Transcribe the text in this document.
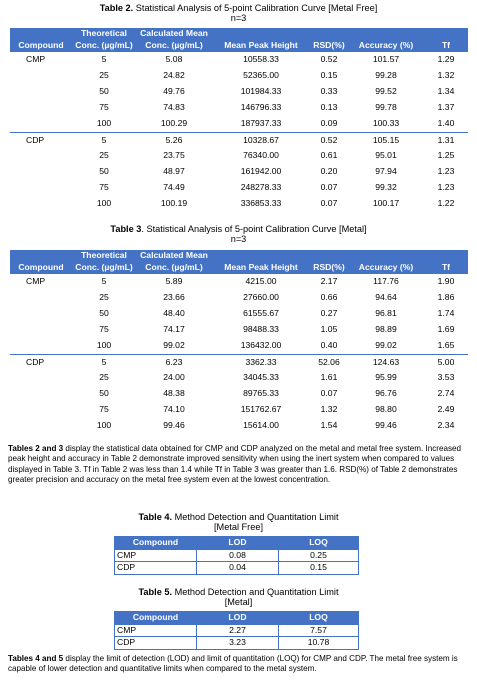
Table 2. Statistical Analysis of 5-point Calibration Curve [Metal Free]
n=3
	Theoretical	Calculated Mean				
Compound	Conc. (µg/mL)	Conc. (µg/mL)	Mean Peak Height	RSD(%)	Accuracy (%)	Tf
CMP	5	5.08	10558.33	0.52	101.57	1.29
	25	24.82	52365.00	0.15	99.28	1.32
	50	49.76	101984.33	0.33	99.52	1.34
	75	74.83	146796.33	0.13	99.78	1.37
	100	100.29	187937.33	0.09	100.33	1.40
CDP	5	5.26	10328.67	0.52	105.15	1.31
	25	23.75	76340.00	0.61	95.01	1.25
	50	48.97	161942.00	0.20	97.94	1.23
	75	74.49	248278.33	0.07	99.32	1.23
	100	100.19	336853.33	0.07	100.17	1.22
Table 3. Statistical Analysis of 5-point Calibration Curve [Metal]
n=3
	Theoretical	Calculated Mean				
Compound	Conc. (µg/mL)	Conc. (µg/mL)	Mean Peak Height	RSD(%)	Accuracy (%)	Tf
CMP	5	5.89	4215.00	2.17	117.76	1.90
	25	23.66	27660.00	0.66	94.64	1.86
	50	48.40	61555.67	0.27	96.81	1.74
	75	74.17	98488.33	1.05	98.89	1.69
	100	99.02	136432.00	0.40	99.02	1.65
CDP	5	6.23	3362.33	52.06	124.63	5.00
	25	24.00	34045.33	1.61	95.99	3.53
	50	48.38	89765.33	0.07	96.76	2.74
	75	74.10	151762.67	1.32	98.80	2.49
	100	99.46	15614.00	1.54	99.46	2.34

Tables 2 and 3 display the statistical data obtained for CMP and CDP analyzed on the metal and metal free system. Increased peak height and accuracy in Table 2 demonstrate improved sensitivity when using the inert system when compared to values displayed in Table 3. Tf in Table 2 was less than 1.4 while Tf in Table 3 was greater than 1.6. RSD(%) of Table 2 demonstrates greater precision and accuracy on the metal free system even at the lowest concentration.

Table 4. Method Detection and Quantitation Limit
[Metal Free]
Compound	LOD	LOQ
CMP	0.08	0.25
CDP	0.04	0.15
Table 5. Method Detection and Quantitation Limit
[Metal]
Compound	LOD	LOQ
CMP	2.27	7.57
CDP	3.23	10.78

Tables 4 and 5 display the limit of detection (LOD) and limit of quantitation (LOQ) for CMP and CDP. The metal free system is capable of lower detection and quantitative limits when compared to the metal system.
